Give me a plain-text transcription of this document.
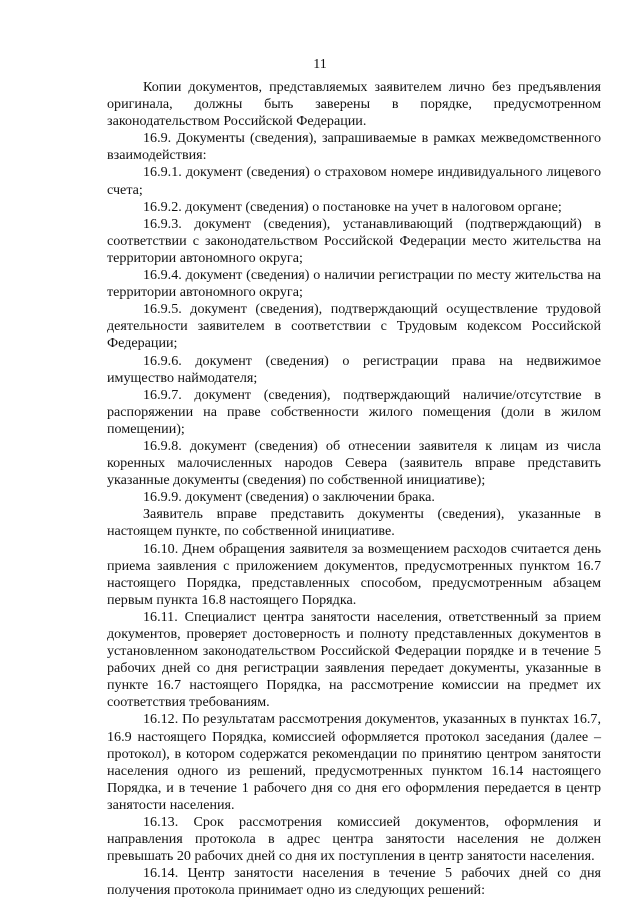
11

Копии документов, представляемых заявителем лично без предъявления оригинала, должны быть заверены в порядке, предусмотренном законодательством Российской Федерации.

16.9. Документы (сведения), запрашиваемые в рамках межведомственного взаимодействия:

16.9.1. документ (сведения) о страховом номере индивидуального лицевого счета;

16.9.2. документ (сведения) о постановке на учет в налоговом органе;

16.9.3. документ (сведения), устанавливающий (подтверждающий) в соответствии с законодательством Российской Федерации место жительства на территории автономного округа;

16.9.4. документ (сведения) о наличии регистрации по месту жительства на территории автономного округа;

16.9.5. документ (сведения), подтверждающий осуществление трудовой деятельности заявителем в соответствии с Трудовым кодексом Российской Федерации;

16.9.6. документ (сведения) о регистрации права на недвижимое имущество наймодателя;

16.9.7. документ (сведения), подтверждающий наличие/отсутствие в распоряжении на праве собственности жилого помещения (доли в жилом помещении);

16.9.8. документ (сведения) об отнесении заявителя к лицам из числа коренных малочисленных народов Севера (заявитель вправе представить указанные документы (сведения) по собственной инициативе);

16.9.9. документ (сведения) о заключении брака.

Заявитель вправе представить документы (сведения), указанные в настоящем пункте, по собственной инициативе.

16.10. Днем обращения заявителя за возмещением расходов считается день приема заявления с приложением документов, предусмотренных пунктом 16.7 настоящего Порядка, представленных способом, предусмотренным абзацем первым пункта 16.8 настоящего Порядка.

16.11. Специалист центра занятости населения, ответственный за прием документов, проверяет достоверность и полноту представленных документов в установленном законодательством Российской Федерации порядке и в течение 5 рабочих дней со дня регистрации заявления передает документы, указанные в пункте 16.7 настоящего Порядка, на рассмотрение комиссии на предмет их соответствия требованиям.

16.12. По результатам рассмотрения документов, указанных в пунктах 16.7, 16.9 настоящего Порядка, комиссией оформляется протокол заседания (далее – протокол), в котором содержатся рекомендации по принятию центром занятости населения одного из решений, предусмотренных пунктом 16.14 настоящего Порядка, и в течение 1 рабочего дня со дня его оформления передается в центр занятости населения.

16.13. Срок рассмотрения комиссией документов, оформления и направления протокола в адрес центра занятости населения не должен превышать 20 рабочих дней со дня их поступления в центр занятости населения.

16.14. Центр занятости населения в течение 5 рабочих дней со дня получения протокола принимает одно из следующих решений:
